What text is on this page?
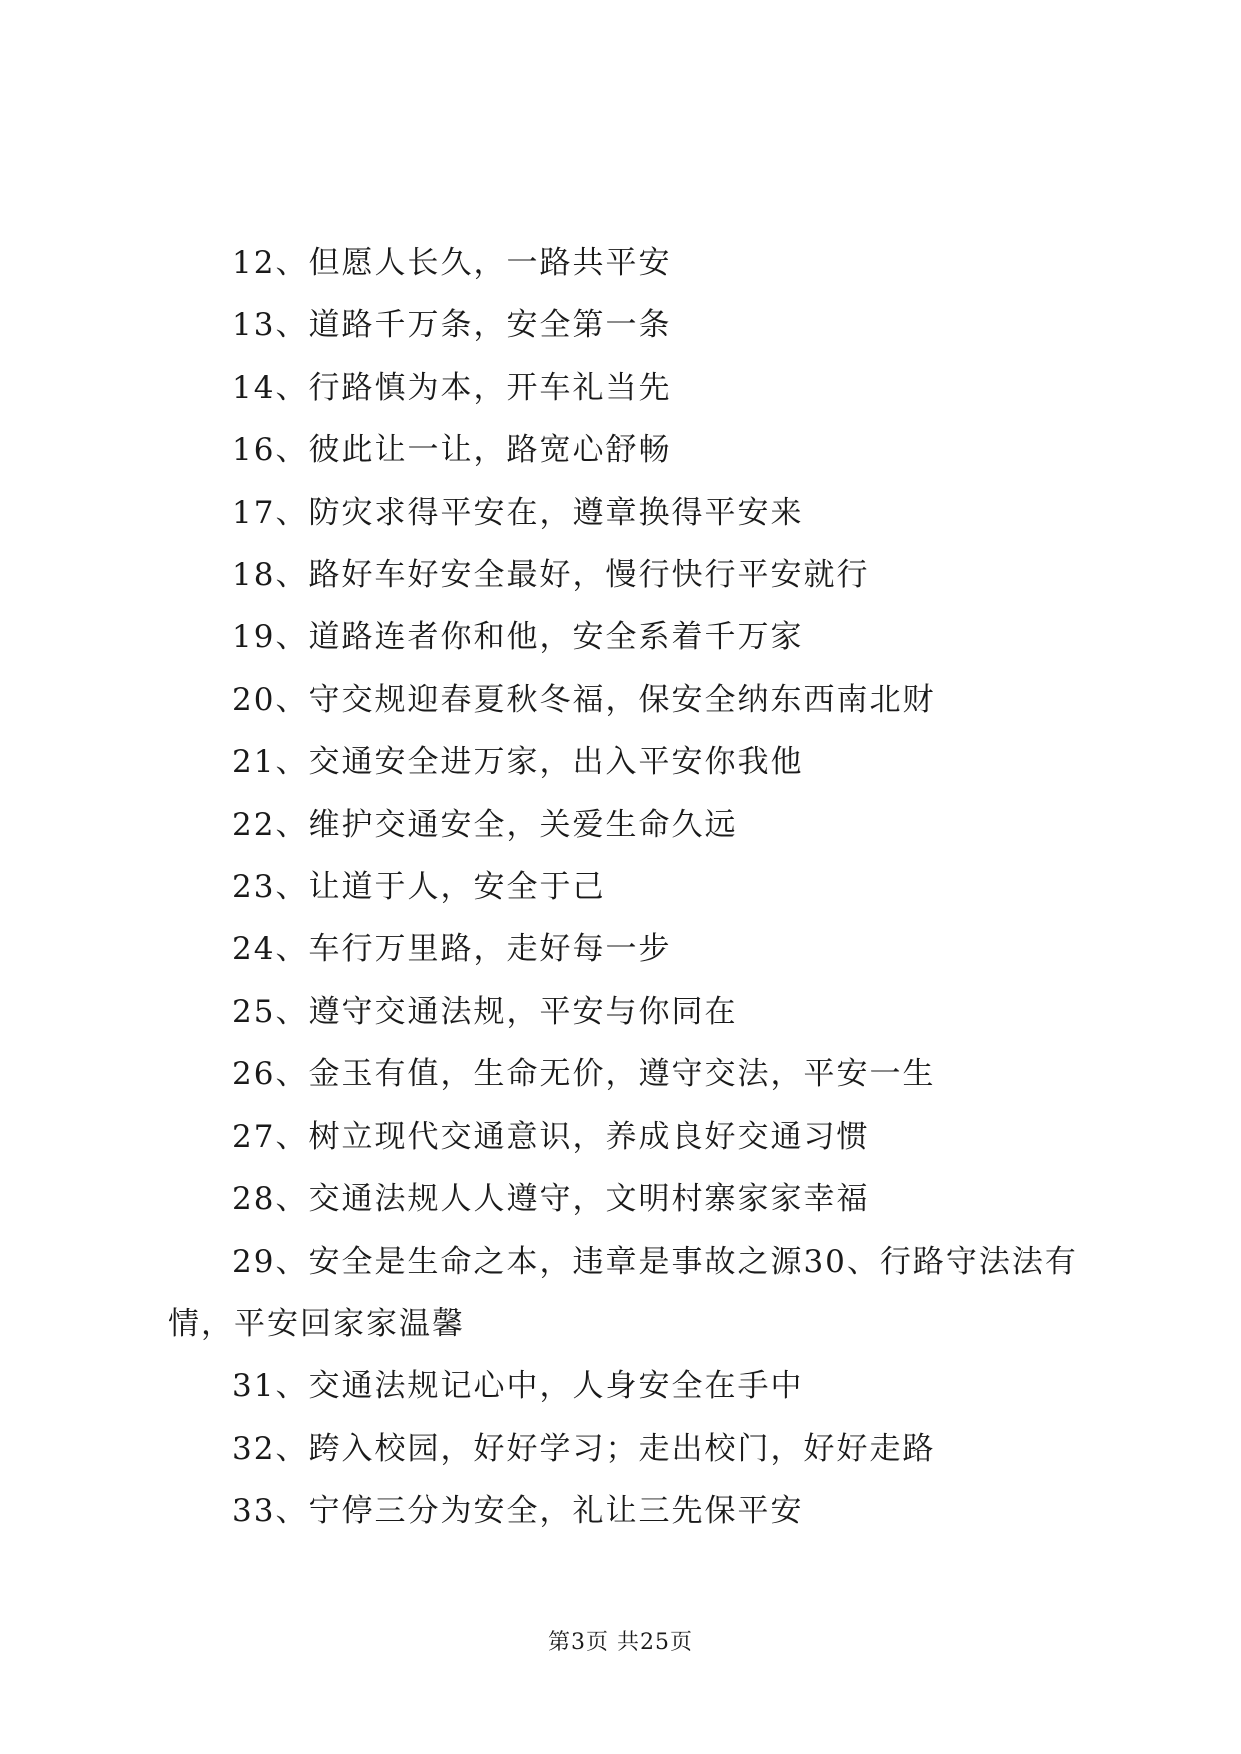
12、但愿人长久，一路共平安

13、道路千万条，安全第一条

14、行路慎为本，开车礼当先

16、彼此让一让，路宽心舒畅

17、防灾求得平安在，遵章换得平安来

18、路好车好安全最好，慢行快行平安就行

19、道路连者你和他，安全系着千万家

20、守交规迎春夏秋冬福，保安全纳东西南北财

21、交通安全进万家，出入平安你我他

22、维护交通安全，关爱生命久远

23、让道于人，安全于己

24、车行万里路，走好每一步

25、遵守交通法规，平安与你同在

26、金玉有值，生命无价，遵守交法，平安一生

27、树立现代交通意识，养成良好交通习惯

28、交通法规人人遵守，文明村寨家家幸福

29、安全是生命之本，违章是事故之源30、行路守法法有情，平安回家家温馨

31、交通法规记心中，人身安全在手中

32、跨入校园，好好学习；走出校门，好好走路

33、宁停三分为安全，礼让三先保平安

第3页 共25页
